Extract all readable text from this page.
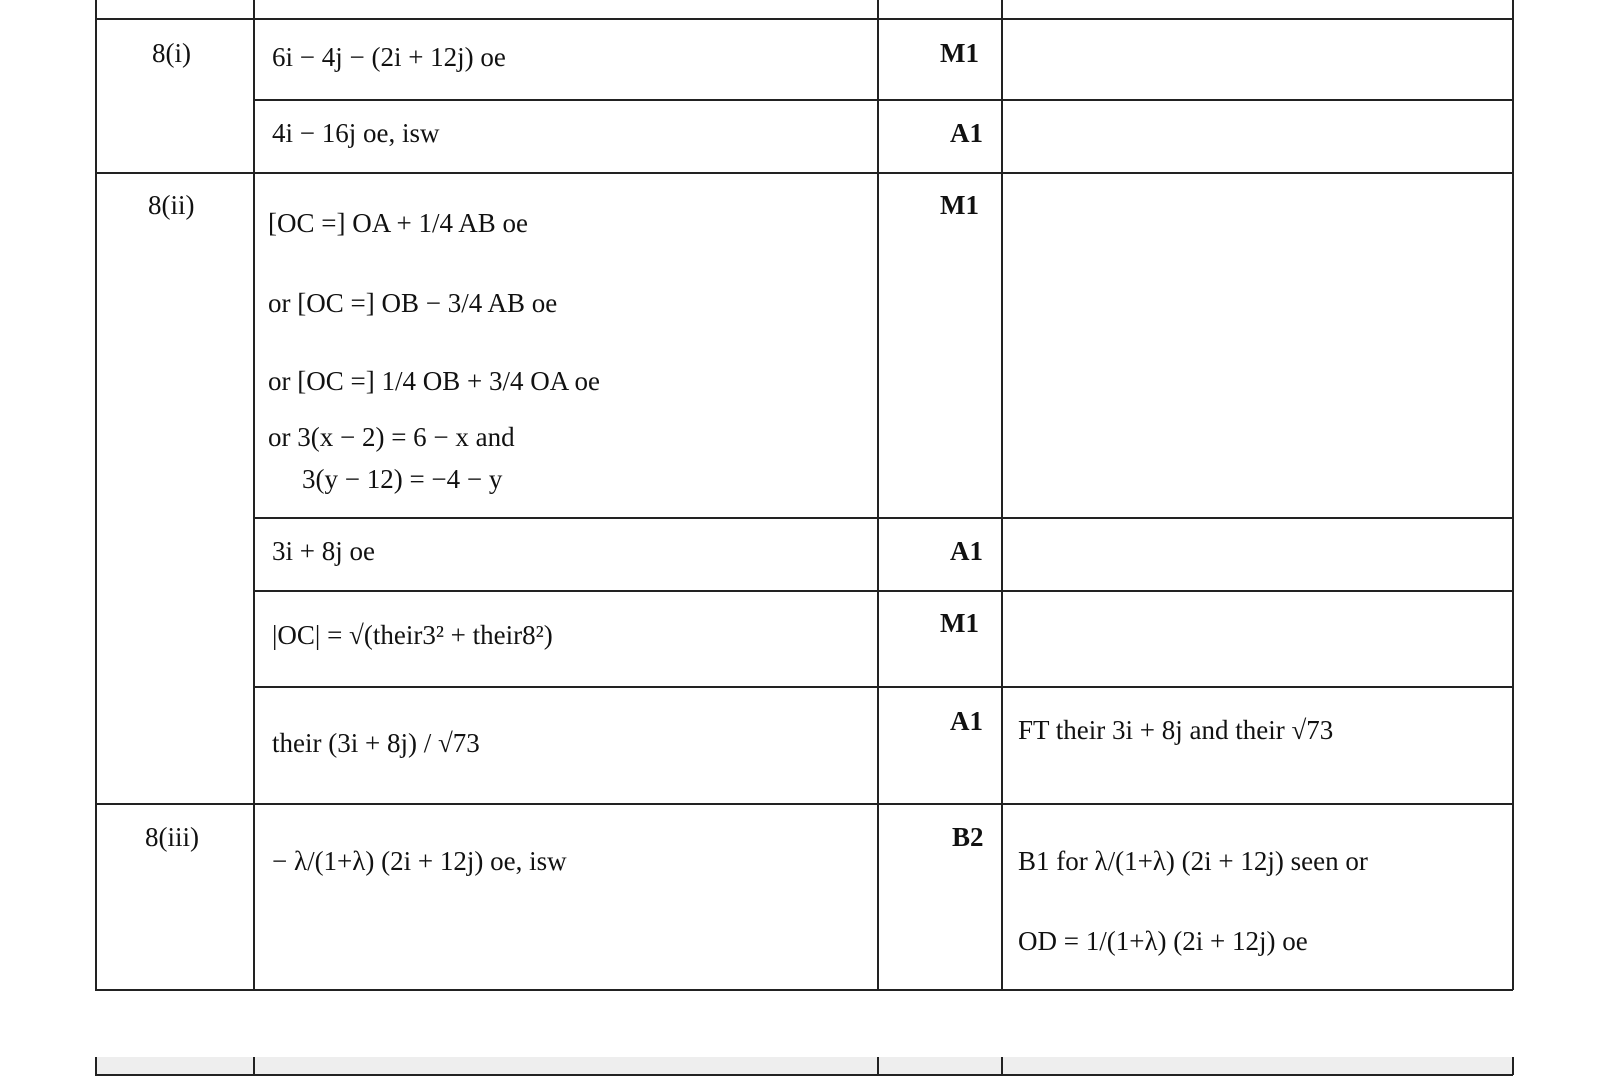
8(i)
8(ii)
8(iii)
M1
A1
M1
A1
M1
A1
B2
6i − 4j − (2i + 12j) oe
4i − 16j oe, isw
[OC =] OA + 1/4 AB oe
or [OC =] OB − 3/4 AB oe
or [OC =] 1/4 OB + 3/4 OA oe
or 3(x − 2) = 6 − x and
3(y − 12) = −4 − y
3i + 8j oe
|OC| = √(their3² + their8²)
their (3i + 8j) / √73	FT their 3i + 8j and their √73
− λ/(1+λ) (2i + 12j) oe, isw	B1 for λ/(1+λ) (2i + 12j) seen or
OD = 1/(1+λ) (2i + 12j) oe
